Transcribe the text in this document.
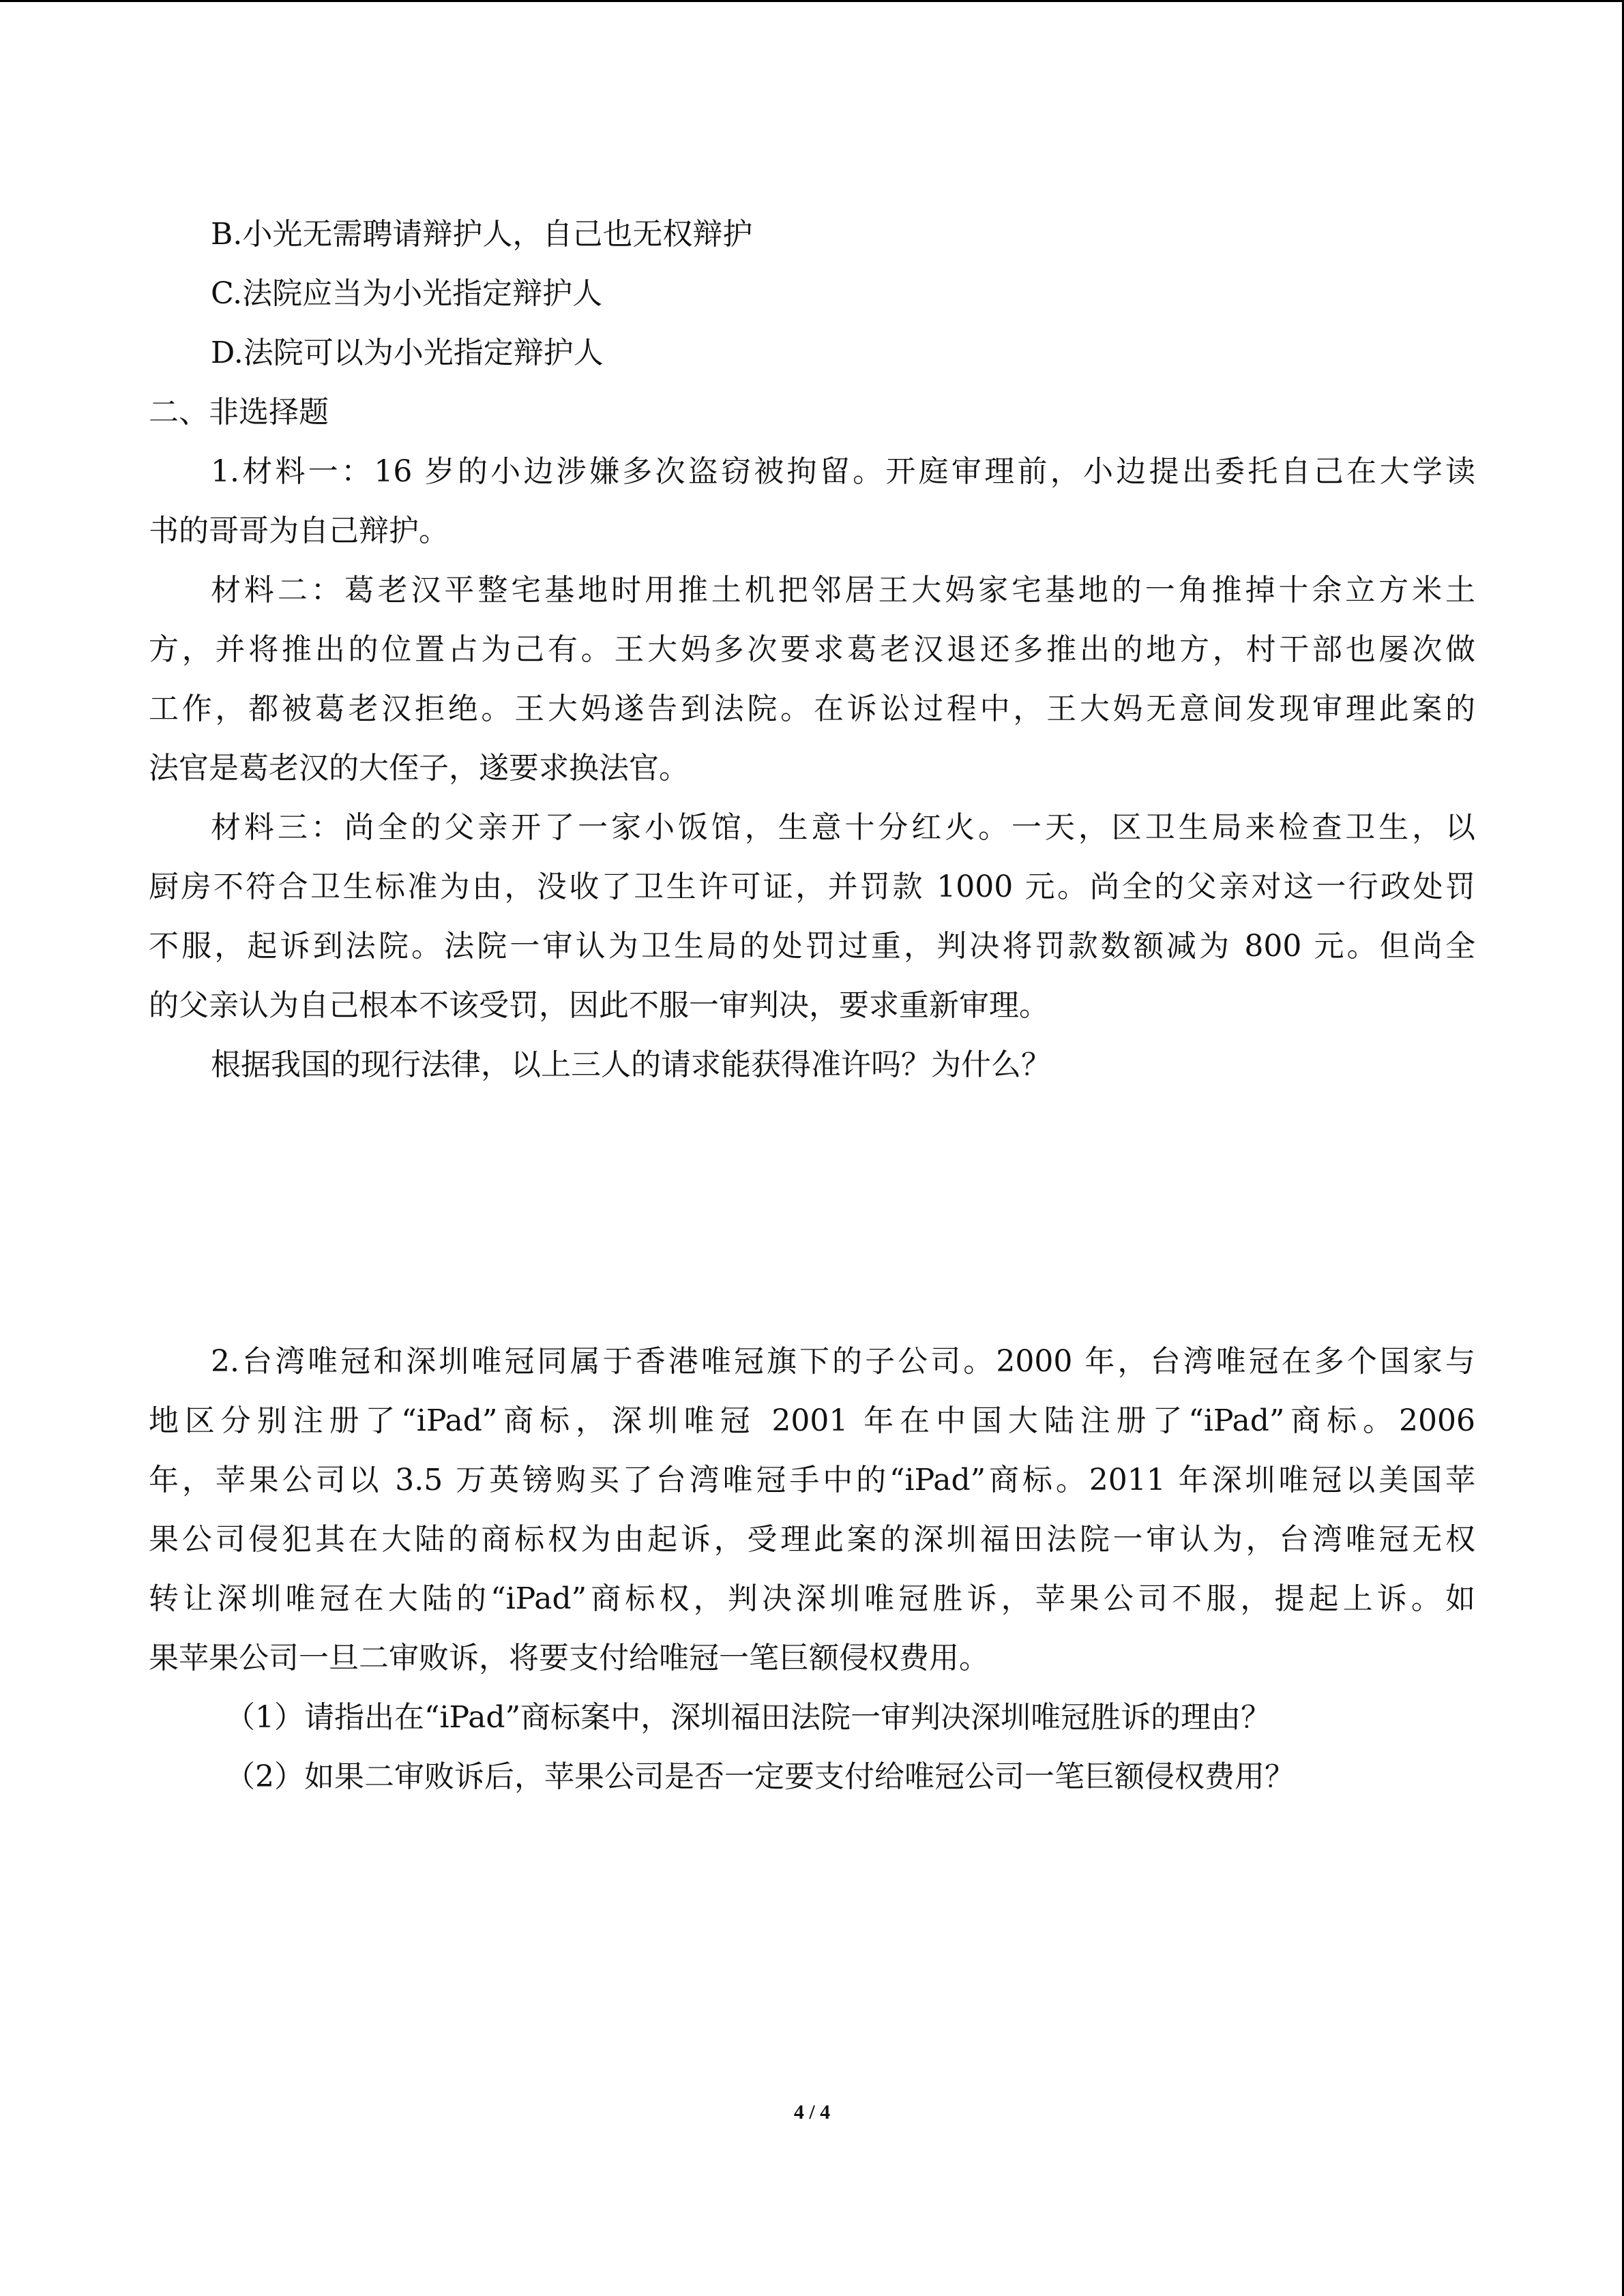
B.小光无需聘请辩护人，自己也无权辩护
C.法院应当为小光指定辩护人
D.法院可以为小光指定辩护人
二、非选择题
1.材料一：16 岁的小边涉嫌多次盗窃被拘留。开庭审理前，小边提出委托自己在大学读
书的哥哥为自己辩护。
材料二：葛老汉平整宅基地时用推土机把邻居王大妈家宅基地的一角推掉十余立方米土
方，并将推出的位置占为己有。王大妈多次要求葛老汉退还多推出的地方，村干部也屡次做
工作，都被葛老汉拒绝。王大妈遂告到法院。在诉讼过程中，王大妈无意间发现审理此案的
法官是葛老汉的大侄子，遂要求换法官。
材料三：尚全的父亲开了一家小饭馆，生意十分红火。一天，区卫生局来检查卫生，以
厨房不符合卫生标准为由，没收了卫生许可证，并罚款 1000 元。尚全的父亲对这一行政处罚
不服，起诉到法院。法院一审认为卫生局的处罚过重，判决将罚款数额减为 800 元。但尚全
的父亲认为自己根本不该受罚，因此不服一审判决，要求重新审理。
根据我国的现行法律，以上三人的请求能获得准许吗？为什么？
2.台湾唯冠和深圳唯冠同属于香港唯冠旗下的子公司。2000 年，台湾唯冠在多个国家与
地区分别注册了“iPad”商标，深圳唯冠 2001 年在中国大陆注册了“iPad”商标。2006
年，苹果公司以 3.5 万英镑购买了台湾唯冠手中的“iPad”商标。2011 年深圳唯冠以美国苹
果公司侵犯其在大陆的商标权为由起诉，受理此案的深圳福田法院一审认为，台湾唯冠无权
转让深圳唯冠在大陆的“iPad”商标权，判决深圳唯冠胜诉，苹果公司不服，提起上诉。如
果苹果公司一旦二审败诉，将要支付给唯冠一笔巨额侵权费用。
（1）请指出在“iPad”商标案中，深圳福田法院一审判决深圳唯冠胜诉的理由？
（2）如果二审败诉后，苹果公司是否一定要支付给唯冠公司一笔巨额侵权费用？
4 / 4
